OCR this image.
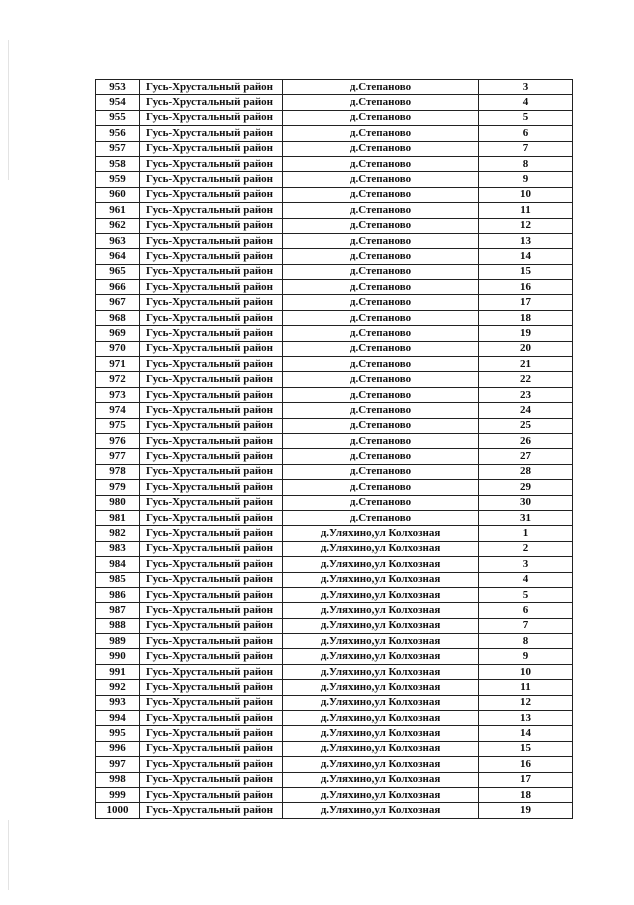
953	Гусь-Хрустальный район	д.Степаново	3
954	Гусь-Хрустальный район	д.Степаново	4
955	Гусь-Хрустальный район	д.Степаново	5
956	Гусь-Хрустальный район	д.Степаново	6
957	Гусь-Хрустальный район	д.Степаново	7
958	Гусь-Хрустальный район	д.Степаново	8
959	Гусь-Хрустальный район	д.Степаново	9
960	Гусь-Хрустальный район	д.Степаново	10
961	Гусь-Хрустальный район	д.Степаново	11
962	Гусь-Хрустальный район	д.Степаново	12
963	Гусь-Хрустальный район	д.Степаново	13
964	Гусь-Хрустальный район	д.Степаново	14
965	Гусь-Хрустальный район	д.Степаново	15
966	Гусь-Хрустальный район	д.Степаново	16
967	Гусь-Хрустальный район	д.Степаново	17
968	Гусь-Хрустальный район	д.Степаново	18
969	Гусь-Хрустальный район	д.Степаново	19
970	Гусь-Хрустальный район	д.Степаново	20
971	Гусь-Хрустальный район	д.Степаново	21
972	Гусь-Хрустальный район	д.Степаново	22
973	Гусь-Хрустальный район	д.Степаново	23
974	Гусь-Хрустальный район	д.Степаново	24
975	Гусь-Хрустальный район	д.Степаново	25
976	Гусь-Хрустальный район	д.Степаново	26
977	Гусь-Хрустальный район	д.Степаново	27
978	Гусь-Хрустальный район	д.Степаново	28
979	Гусь-Хрустальный район	д.Степаново	29
980	Гусь-Хрустальный район	д.Степаново	30
981	Гусь-Хрустальный район	д.Степаново	31
982	Гусь-Хрустальный район	д.Уляхино,ул Колхозная	1
983	Гусь-Хрустальный район	д.Уляхино,ул Колхозная	2
984	Гусь-Хрустальный район	д.Уляхино,ул Колхозная	3
985	Гусь-Хрустальный район	д.Уляхино,ул Колхозная	4
986	Гусь-Хрустальный район	д.Уляхино,ул Колхозная	5
987	Гусь-Хрустальный район	д.Уляхино,ул Колхозная	6
988	Гусь-Хрустальный район	д.Уляхино,ул Колхозная	7
989	Гусь-Хрустальный район	д.Уляхино,ул Колхозная	8
990	Гусь-Хрустальный район	д.Уляхино,ул Колхозная	9
991	Гусь-Хрустальный район	д.Уляхино,ул Колхозная	10
992	Гусь-Хрустальный район	д.Уляхино,ул Колхозная	11
993	Гусь-Хрустальный район	д.Уляхино,ул Колхозная	12
994	Гусь-Хрустальный район	д.Уляхино,ул Колхозная	13
995	Гусь-Хрустальный район	д.Уляхино,ул Колхозная	14
996	Гусь-Хрустальный район	д.Уляхино,ул Колхозная	15
997	Гусь-Хрустальный район	д.Уляхино,ул Колхозная	16
998	Гусь-Хрустальный район	д.Уляхино,ул Колхозная	17
999	Гусь-Хрустальный район	д.Уляхино,ул Колхозная	18
1000	Гусь-Хрустальный район	д.Уляхино,ул Колхозная	19
